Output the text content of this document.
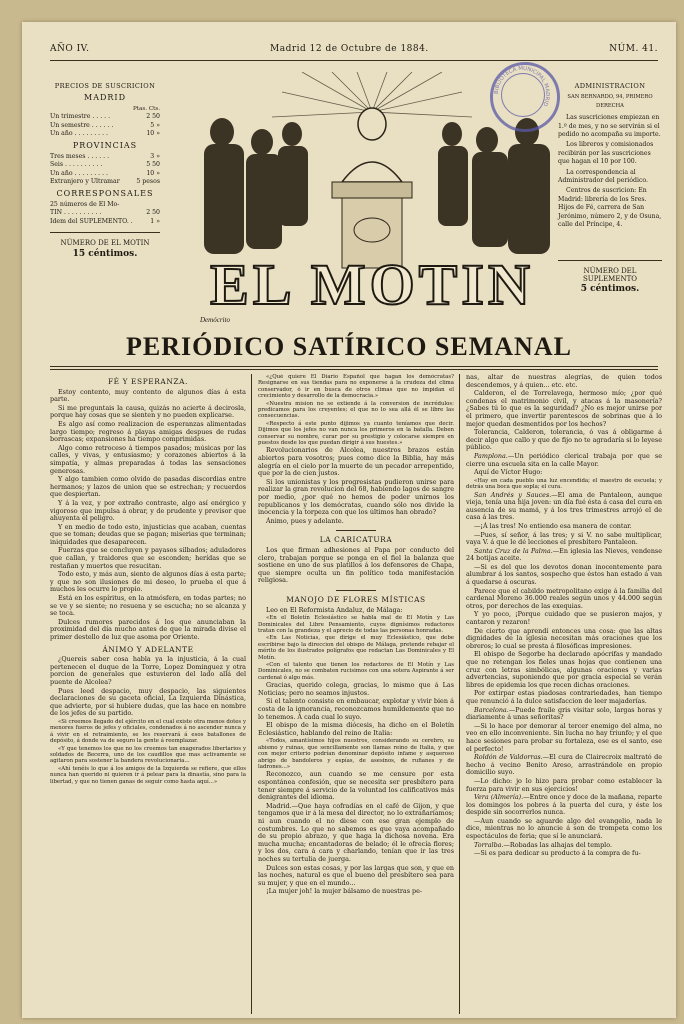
AÑO IV.	Madrid 12 de Octubre de 1884.	NÚM. 41.
PRECIOS DE SUSCRICION
MADRID
Ptas. Cts.
Un trimestre . . . . .	2 50
Un semestre . . . . . .	5 »
Un año . . . . . . . . .	10 »
PROVINCIAS
Tres meses . . . . . .	3 »
Seis . . . . . . . . . .	5 50
Un año . . . . . . . . .	10 »
Extranjero y Ultramar	5 pesos
CORRESPONSALES
25 números de El Mo-
TIN . . . . . . . . . .	2 50
Idem del SUPLEMENTO. .	1 »
NÚMERO DE EL MOTIN
15 céntimos.
ADMINISTRACION
SAN BERNARDO, 94, PRIMERO DERECHA

Las suscriciones empiezan en 1.º de mes, y no se servirán si el pedido no acompaña su importe.

Los libreros y comisionados recibirán por las suscriciones que hagan el 10 por 100.

La correspondencia al Administrador del periódico.

Centros de suscricion: En Madrid: librería de los Sres. Hijos de Fé, carrera de San Jerónimo, número 2, y de Osuna, calle del Príncipe, 4.

NÚMERO DEL SUPLEMENTO
5 céntimos.
EL MOTIN
Demócrito
BIBLIOTECA MUNICIPAL MADRID
PERIÓDICO SATÍRICO SEMANAL
FÉ Y ESPERANZA.

Estoy contento, muy contento de algunos días á esta parte.

Si me preguntais la causa, quizás no acierte á decirosla, porque hay cosas que se sienten y no pueden explicarse.

Es algo así como realizacion de esperanzas alimentadas largo tiempo; regreso á playas amigas despues de rudas borrascas; expansiones ha tiempo comprimidas.

Algo como retroceso á tiempos pasados; músicas por las calles, y vivas, y entusiasmo; y corazones abiertos á la simpatía, y almas preparadas á todas las sensaciones generosas.

Y algo tambien como olvido de pasadas discordias entre hermanos; y lazos de union que se estrechan; y recuerdos que despiertan.

Y á la vez, y por extraño contraste, algo así enérgico y vigoroso que impulsa á obrar, y de prudente y previsor que ahuyenta el peligro.

Y en medio de todo esto, injusticias que acaban, cuentas que se toman; deudas que se pagan; miserias que terminan; iniquidades que desaparecen.

Fuerzas que se concluyen y payasos silbados; aduladores que callan, y traidores que se esconden; herídas que se restañan y muertos que resucitan.

Todo esto, y más aun, siento de algunos días á esta parte; y que no son ilusiones de mi deseo, lo prueba el que á muchos les ocurre lo propio.

Está en los espíritus, en la atmósfera, en todas partes; no se ve y se siente; no resuena y se escucha; no se alcanza y se toca.

Dulces rumores parecidos á los que anunciaban la proximidad del día mucho antes de que la mirada divise el primer destello de luz que asoma por Oriente.

ÁNIMO Y ADELANTE

¿Quereis saber cosa habla ya la injusticia, á la cual pertenecen el duque de la Torre, Lopez Dominguez y otra porcion de generales que estuvieron del lado allá del puente de Alcolea?

Pues leed despacio, muy despacio, las siguientes declaraciones de su gaceta oficial, La Izquierda Dinástica, que advierte, por si hubiere dudas, que las hace en nombre de los jefes de su partido.

«Si creemos llegado del ejército en el cual existe otra menos dotes y menores fueros de jefes y oficiales, condenados á no ascender nunca y á vivir en el retraimiento, se les reservará á esos batallones de depósito, á donde va de seguro la gente á reemplazar.

«Y que tenemos los que no los creemos tan exagerados libertarios y soldados de Becerra, uno de los caudillos que mas activamente se agitaron para sostener la bandera revolucionaria...

«Ahí tenéis lo que á los amigos de la Izquierda se refiere, que ellos nunca han querido ni quieren ir á pelear para la dinastía, sino para la libertad, y que no tienen ganas de seguir como hasta aquí...»

«¿Qué quiere El Diario Español que hagan los demócratas? Resignarse en sus tiendas para no exponerse á la crudeza del clima conservador, ó ir en busca de otros climas que no impidan el crecimiento y desarrollo de la democracia.»

«Nuestra mision no se extiende á la conversion de incrédulos: predicamos para los creyentes; el que no lo sea allá él se libre las consecuencias.

«Respecto á este punto dijimos ya cuanto teníamos que decir. Dijimos que los jefes no van nunca los primeros en la batalla. Deben conservar su nombre, curar por su prestigio y colocarse siempre en puestos desde los que puedan dirigir á sus huestes.»

Revolucionarios de Alcolea, nuestros brazos están abiertos para vosotros; pues como dice la Biblia, hay más alegría en el cielo por la muerte de un pecador arrepentido, que por la de cien justos.

Si los unionistas y los progresistas pudieron unirse para realizar la gran revolucion del 68, habiendo lagos de sangre por medio, ¿por qué no hemos de poder unirnos los republicanos y los demócratas, cuando sólo nos divide la inocencia y la torpeza con que los últimos han obrado?

Ánimo, pues y adelante.

LA CARICATURA

Los que firman adhesiones al Papa por conducto del clero, trabajan porque se ponga en el fiel la balanza que sostiene en uno de sus platillos á los defensores de Chapa, que siempre oculta un fin político toda manifestación religiosa.

MANOJO DE FLORES MÍSTICAS

Leo en El Reformista Andaluz, de Málaga:

«En el Boletín Eclesiástico se habla mal de El Motín y Las Dominicales del Libre Pensamiento, cuyos dignísimos redactores tratan con la grandeza y el aprecio de todas las personas honradas.

«En Las Noticias, que dirige el muy Eclesiástico, que debe escribirse bajo la direccion del obispo de Málaga, pretende rebajar el mérito de los ilustrados polígrafos que redactan Las Dominicales y El Motín.

«Con el talento que tienen los redactores de El Motín y Las Dominicales, no se combaten rucisimos con una sotera Aspirante á ser cardenal ó algo más.

Gracias, querido colega, gracias, lo mismo que á Las Noticias; pero no seamos injustos.

Si el talento consiste en embaucar, explotar y vivir bien á costa de la ignorancia, reconozcamos humildemente que no lo tenemos. Á cada cual lo suyo.

El obispo de la misma diócesis, ha dicho en el Boletín Eclesiástico, hablando del reino de Italia:

«Todos, amantísimos hijos nuestros, considerando su cerebro, su abismo y ruinas, que sencillamente son llamas reino de Italia, y que con mejor criterio podrían denominar depósito infame y asqueroso abrigo de bandoleros y espías, de asesinos, de rufianes y de ladrones...»

Reconozco, aun cuando se me censure por esta espontánea confesión, que se necesita ser presbítero para tener siempre á servicio de la voluntad los calificativos más denigrantes del idioma.

Madrid.—Que haya cofradías en el café de Gijon, y que tengamos que ir á la mesa del director, no lo extrañaríamos; ni aun cuando el no diese con ese gran ejemplo de costumbres. Lo que no sabemos es que vaya acompañado de su propio abrazo, y que haga la dichosa novena. Era mucha mucha; encantadoras de belado; él le ofrecía flores; y los dos, cara á cara y charlando, tenían que ir las tres noches su tertulia de juerga.

Dulces son estas cosas, y por las largas que son, y que en las noches, natural es que el bueno del presbítero sea para su mujer, y que en el mundo...

¡La mujer joh! la mujer bálsamo de nuestras pe-

nas, altar de nuestras alegrías, de quien todos descendemos, y á quien... etc. etc.

Calderon, el de Torrelavega, hermoso mío; ¿por qué condenas el matrimonio civil, y atacas á la masonería? ¿Sabes tú lo que es la seguridad? ¿No es mejor unirse por el primero, que invertir parentescos de sobrinas que á lo mejor quedan desmentidos por los hechos?

Tolerancia, Calderon, tolerancia, ó vas á obligarme á decir algo que callo y que de fijo no te agradaría si lo leyese público.

Pamplona.—Un periódico clerical trabaja por que se cierre una escuela sita en la calle Mayor.

Aquí de Víctor Hugo:

«Hay en cada pueblo una luz encendida; el maestro de escuela; y detrás una boca que sopla; el cura.

San Andrés y Sauces.—El ama de Pantaleon, aunque vieja, tenía una hija joven: un día fué ésta á casa del cura en ausencia de su mamá, y á los tres trimestres arrojó el de casa á las tres.

—¡Á las tres! No entiendo esa manera de contar.

—Pues, sí señor, á las tres; y si V. no sabe multiplicar, vaya V. á que le dé lecciones el presbítero Pantaleon.

Santa Cruz de la Palma.—En iglesia las Nieves, vendense 24 botijas aceite.

—Si es del que los devotos donan inocentemente para alumbrar á los santos, sospecho que éstos han estado á van á quedarse á oscuras.

Parece que el cabildo metropolitano exige á la familia del cardenal Moreno 36.000 reales según unos y 44.000 según otros, por derechos de las exequias.

Y yo poco, ¡Porque cuidado que se pusieron majos, y cantaron y rezaron!

De cierto que aprendí entonces una cosa: que las altas dignidades de la iglesia necesitan más oraciones que los obreros; lo cual se presta á filosóficas impresiones.

El obispo de Segorbe ha declarado apócrifas y mandado que no retengan los fieles unas hojas que contienen una cruz con letras simbólicas, algunas oraciones y varias advertencias, suponiendo que por gracia especial se verán libres de epidemia los que recen dichas oraciones.

Por extirpar estas piadosas contrariedades, han tiempo que renunció á la dulce satisfaccion de leer majaderías.

Barcelona.—Puede fraile gris visitar solo, largas horas y diariamente á unas señoritas?

—Si lo hace por demorar al tercer enemigo del alma, no veo en ello inconveniente. Sin lucha no hay triunfo; y el que hace sesiones para probar su fortaleza, ese es el santo, ese el perfecto!

Roldón de Valdorras.—El cura de Clairecroix maltrató de hecho á vecino Benito Areso, arrastrándole en propio domicilio suyo.

—Lo dicho: jo lo hizo para probar como establecer la fuerza para vivir en sus ejercicios!

Vera (Almería).—Entre once y doce de la mañana, reparte los domingos los pobres á la puerta del cura, y éste los despide sin socorrerlos nunca.

—Aun cuando se aguarde algo del evangelio, nada le dice, mientras no lo anuncie á son de trompeta como los espectáculos de feria; que sí le anunciará.

Torralba.—Robadas las alhajas del templo.

—Si es para dedicar su producto á la compra de fu-
